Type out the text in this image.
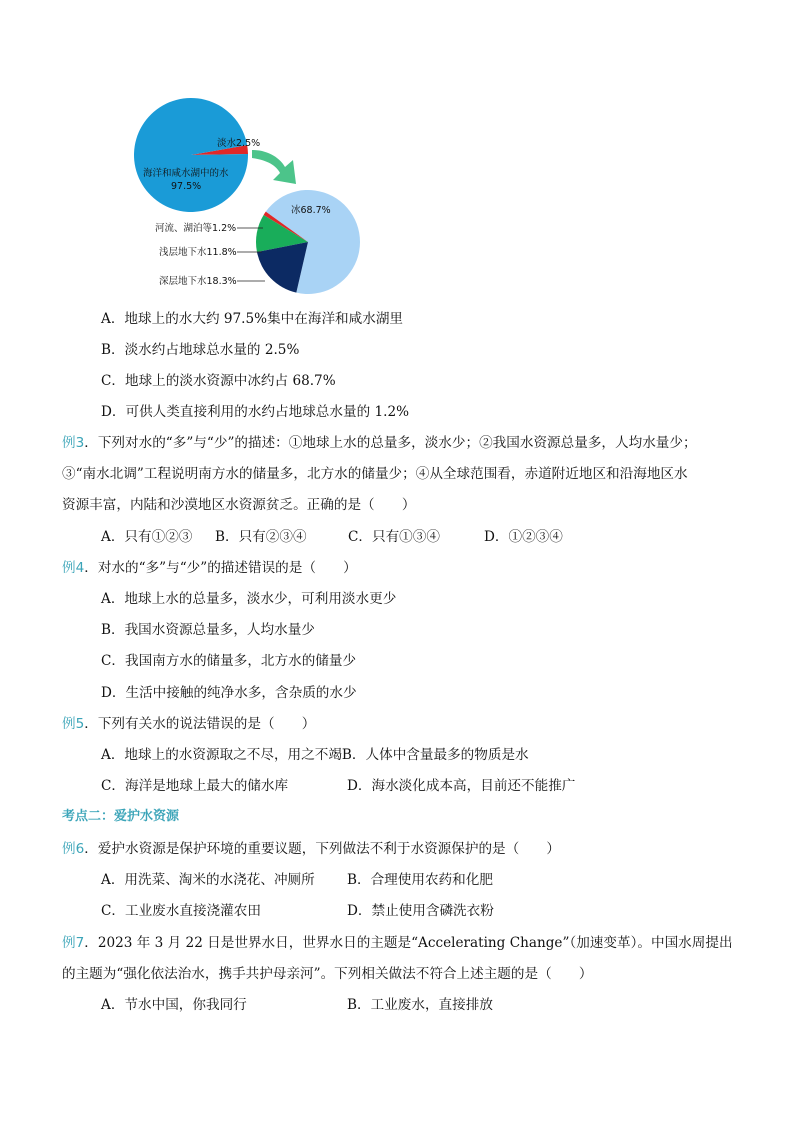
海洋和咸水湖中的水
97.5%
淡水2.5%
冰68.7%
河流、湖泊等1.2%
浅层地下水11.8%
深层地下水18.3%
A．地球上的水大约 97.5%集中在海洋和咸水湖里
B．淡水约占地球总水量的 2.5%
C．地球上的淡水资源中冰约占 68.7%
D．可供人类直接利用的水约占地球总水量的 1.2%
例3．下列对水的“多”与“少”的描述：①地球上水的总量多，淡水少；②我国水资源总量多，人均水量少；
③“南水北调”工程说明南方水的储量多，北方水的储量少；④从全球范围看，赤道附近地区和沿海地区水
资源丰富，内陆和沙漠地区水资源贫乏。正确的是（　　）
A．只有①②③ B．只有②③④	C．只有①③④	D．①②③④
例4．对水的“多”与“少”的描述错误的是（　　）
A．地球上水的总量多，淡水少，可利用淡水更少
B．我国水资源总量多，人均水量少
C．我国南方水的储量多，北方水的储量少
D．生活中接触的纯净水多，含杂质的水少
例5．下列有关水的说法错误的是（　　）
A．地球上的水资源取之不尽，用之不竭B．人体中含量最多的物质是水
C．海洋是地球上最大的储水库	D．海水淡化成本高，目前还不能推广
考点二：爱护水资源
例6．爱护水资源是保护环境的重要议题，下列做法不利于水资源保护的是（　　）
A．用洗菜、淘米的水浇花、冲厕所 B．合理使用农药和化肥
C．工业废水直接浇灌农田	D．禁止使用含磷洗衣粉
例7．2023 年 3 月 22 日是世界水日，世界水日的主题是“Accelerating Change”（加速变革）。中国水周提出
的主题为“强化依法治水，携手共护母亲河”。下列相关做法不符合上述主题的是（　　）
A．节水中国，你我同行	B．工业废水，直接排放
